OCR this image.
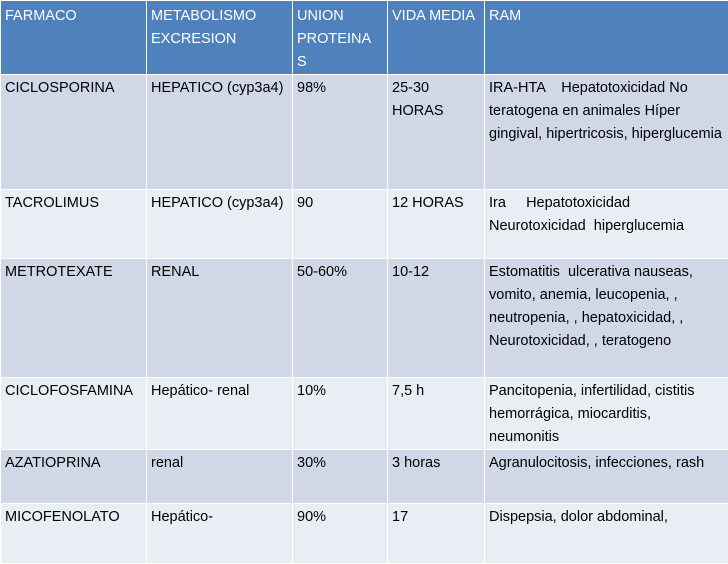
FARMACO	METABOLISMO EXCRESION	UNION PROTEINA S	VIDA MEDIA	RAM
CICLOSPORINA	HEPATICO (cyp3a4)	98%	25-30 HORAS	IRA-HTA    Hepatotoxicidad No teratogena en animales Híper gingival, hipertricosis, hiperglucemia
TACROLIMUS	HEPATICO (cyp3a4)	90	12 HORAS	Ira     Hepatotoxicidad Neurotoxicidad  hiperglucemia
METROTEXATE	RENAL	50-60%	10-12	Estomatitis  ulcerativa nauseas, vomito, anemia, leucopenia, , neutropenia, , hepatoxicidad, , Neurotoxicidad, , teratogeno
CICLOFOSFAMINA	Hepático- renal	10%	7,5 h	Pancitopenia, infertilidad, cistitis hemorrágica, miocarditis, neumonitis
AZATIOPRINA	renal	30%	3 horas	Agranulocitosis, infecciones, rash
MICOFENOLATO	Hepático-	90%	17	Dispepsia, dolor abdominal,
